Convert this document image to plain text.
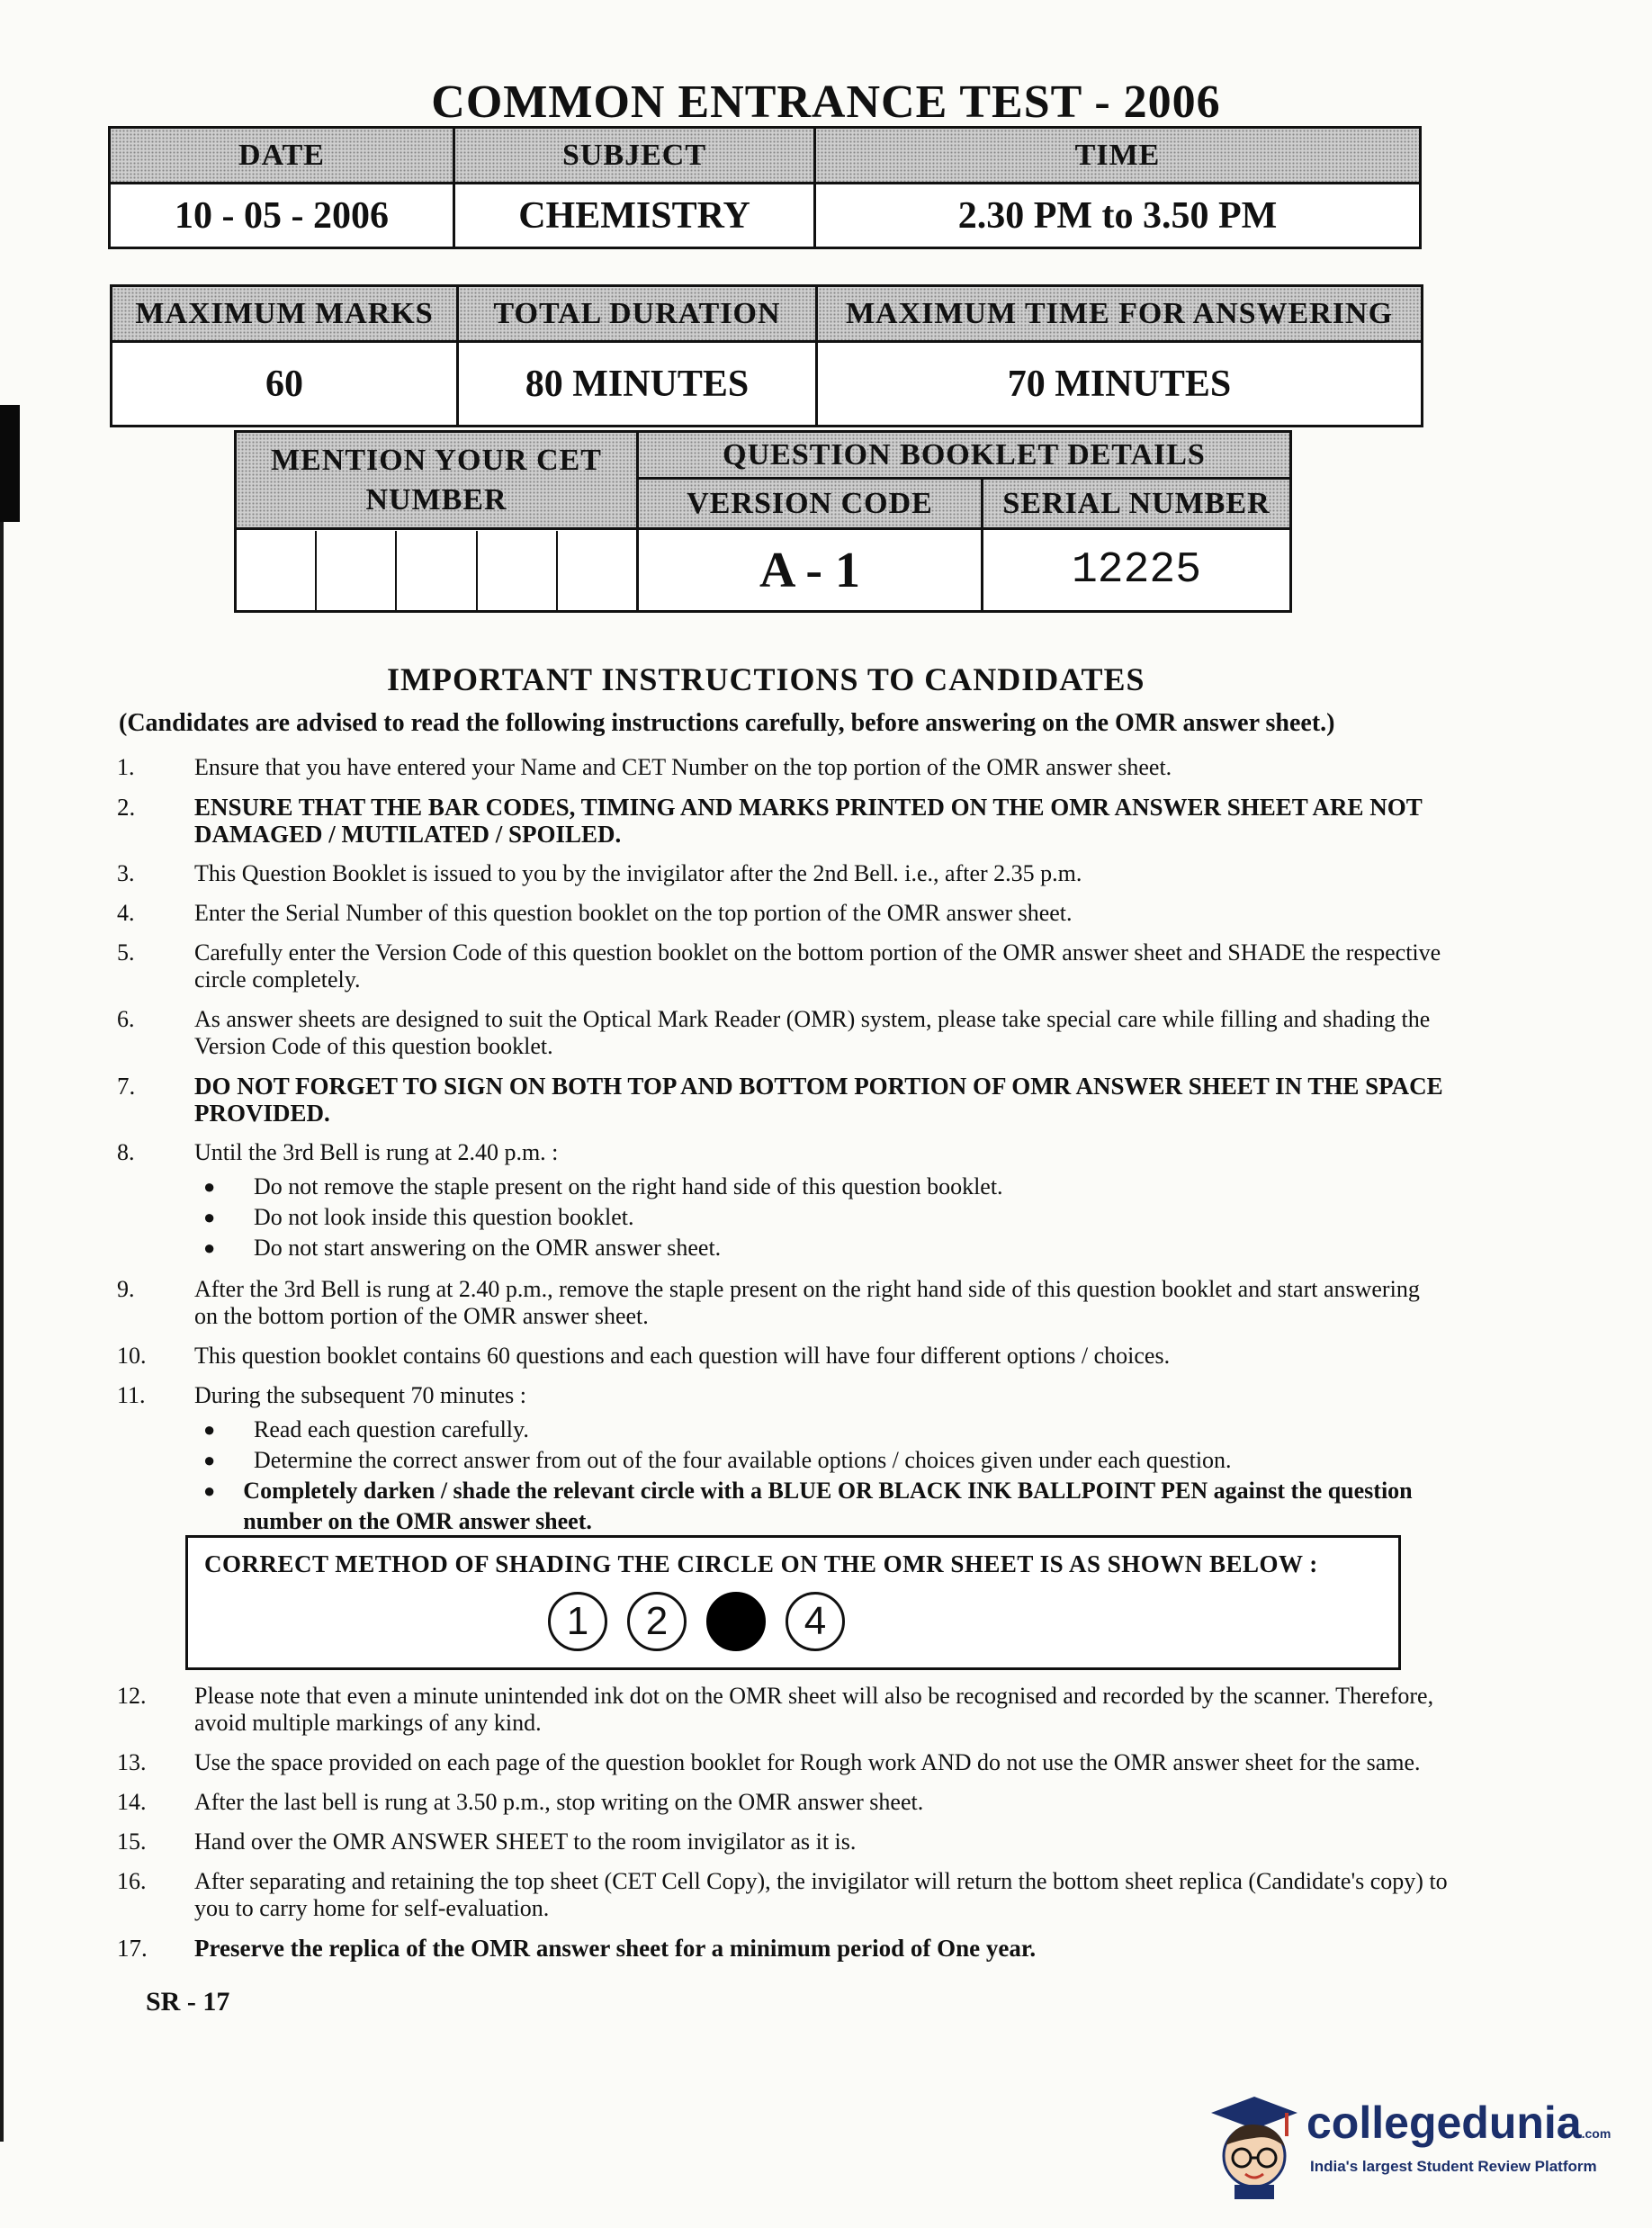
COMMON ENTRANCE TEST - 2006
DATE	SUBJECT	TIME
10 - 05 - 2006	CHEMISTRY	2.30 PM to 3.50 PM
MAXIMUM MARKS	TOTAL DURATION	MAXIMUM TIME FOR ANSWERING
60	80 MINUTES	70 MINUTES
MENTION YOUR CET NUMBER	QUESTION BOOKLET DETAILS	
	VERSION CODE	SERIAL NUMBER

	A - 1	12225
IMPORTANT INSTRUCTIONS TO CANDIDATES
(Candidates are advised to read the following instructions carefully, before answering on the OMR answer sheet.)
1.	Ensure that you have entered your Name and CET Number on the top portion of the OMR answer sheet.
2.	ENSURE THAT THE BAR CODES, TIMING AND MARKS PRINTED ON THE OMR ANSWER SHEET ARE NOT DAMAGED / MUTILATED / SPOILED.
3.	This Question Booklet is issued to you by the invigilator after the 2nd Bell. i.e., after 2.35 p.m.
4.	Enter the Serial Number of this question booklet on the top portion of the OMR answer sheet.
5.	Carefully enter the Version Code of this question booklet on the bottom portion of the OMR answer sheet and SHADE the respective circle completely.
6.	As answer sheets are designed to suit the Optical Mark Reader (OMR) system, please take special care while filling and shading the Version Code of this question booklet.
7.	DO NOT FORGET TO SIGN ON BOTH TOP AND BOTTOM PORTION OF OMR ANSWER SHEET IN THE SPACE PROVIDED.
8.	Until the 3rd Bell is rung at 2.40 p.m. :
●	Do not remove the staple present on the right hand side of this question booklet.
●	Do not look inside this question booklet.
●	Do not start answering on the OMR answer sheet.
9.	After the 3rd Bell is rung at 2.40 p.m., remove the staple present on the right hand side of this question booklet and start answering on the bottom portion of the OMR answer sheet.
10.	This question booklet contains 60 questions and each question will have four different options / choices.
11.	During the subsequent 70 minutes :
●	Read each question carefully.
●	Determine the correct answer from out of the four available options / choices given under each question.
●	Completely darken / shade the relevant circle with a BLUE OR BLACK INK BALLPOINT PEN against the question number on the OMR answer sheet.
CORRECT METHOD OF SHADING THE CIRCLE ON THE OMR SHEET IS AS SHOWN BELOW :
1	2	4
12.	Please note that even a minute unintended ink dot on the OMR sheet will also be recognised and recorded by the scanner. Therefore, avoid multiple markings of any kind.
13.	Use the space provided on each page of the question booklet for Rough work AND do not use the OMR answer sheet for the same.
14.	After the last bell is rung at 3.50 p.m., stop writing on the OMR answer sheet.
15.	Hand over the OMR ANSWER SHEET to the room invigilator as it is.
16.	After separating and retaining the top sheet (CET Cell Copy), the invigilator will return the bottom sheet replica (Candidate's copy) to you to carry home for self-evaluation.
17.	Preserve the replica of the OMR answer sheet for a minimum period of One year.
SR - 17
collegedunia.com
India's largest Student Review Platform
